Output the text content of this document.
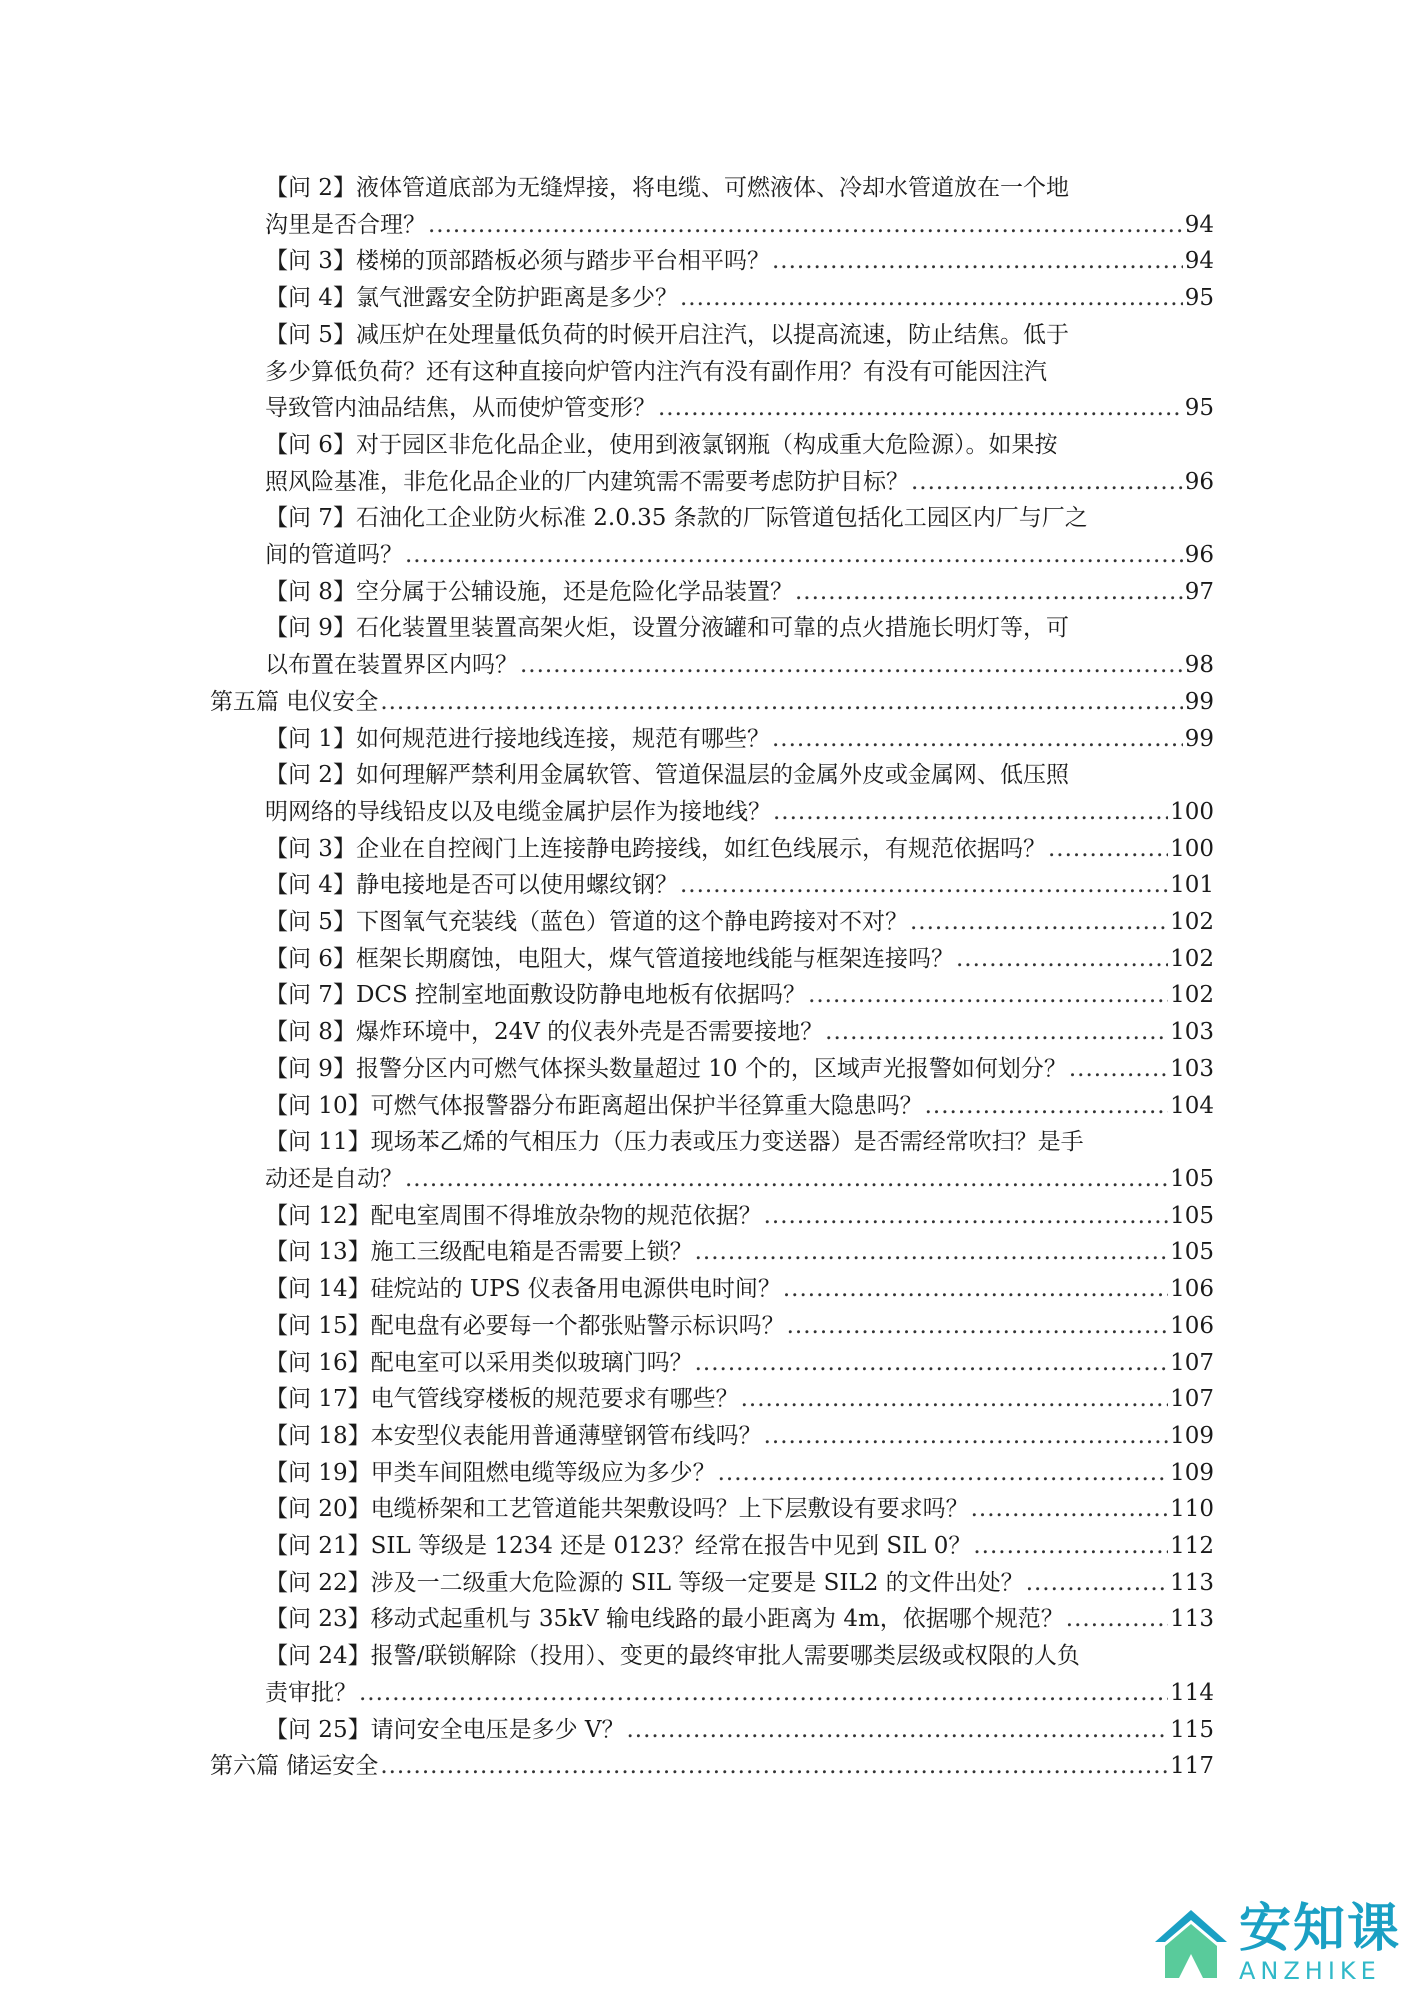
【问 2】液体管道底部为无缝焊接，将电缆、可燃液体、冷却水管道放在一个地
沟里是否合理？ .....	94
【问 3】楼梯的顶部踏板必须与踏步平台相平吗？ .....	94
【问 4】氯气泄露安全防护距离是多少？ .....	95
【问 5】减压炉在处理量低负荷的时候开启注汽，以提高流速，防止结焦。低于
多少算低负荷？还有这种直接向炉管内注汽有没有副作用？有没有可能因注汽
导致管内油品结焦，从而使炉管变形？ .....	95
【问 6】对于园区非危化品企业，使用到液氯钢瓶（构成重大危险源）。如果按
照风险基准，非危化品企业的厂内建筑需不需要考虑防护目标？ .....	96
【问 7】石油化工企业防火标准 2.0.35 条款的厂际管道包括化工园区内厂与厂之
间的管道吗？ .....	96
【问 8】空分属于公辅设施，还是危险化学品装置？ .....	97
【问 9】石化装置里装置高架火炬，设置分液罐和可靠的点火措施长明灯等，可
以布置在装置界区内吗？ .....	98
第五篇 电仪安全 .....	99
【问 1】如何规范进行接地线连接，规范有哪些？ .....	99
【问 2】如何理解严禁利用金属软管、管道保温层的金属外皮或金属网、低压照
明网络的导线铅皮以及电缆金属护层作为接地线？ .....	100
【问 3】企业在自控阀门上连接静电跨接线，如红色线展示，有规范依据吗？ .....	100
【问 4】静电接地是否可以使用螺纹钢？ .....	101
【问 5】下图氧气充装线（蓝色）管道的这个静电跨接对不对？ .....	102
【问 6】框架长期腐蚀，电阻大，煤气管道接地线能与框架连接吗？ .....	102
【问 7】DCS 控制室地面敷设防静电地板有依据吗？ .....	102
【问 8】爆炸环境中，24V 的仪表外壳是否需要接地？ .....	103
【问 9】报警分区内可燃气体探头数量超过 10 个的，区域声光报警如何划分？ .....	103
【问 10】可燃气体报警器分布距离超出保护半径算重大隐患吗？ .....	104
【问 11】现场苯乙烯的气相压力（压力表或压力变送器）是否需经常吹扫？是手
动还是自动？ .....	105
【问 12】配电室周围不得堆放杂物的规范依据？ .....	105
【问 13】施工三级配电箱是否需要上锁？ .....	105
【问 14】硅烷站的 UPS 仪表备用电源供电时间？ .....	106
【问 15】配电盘有必要每一个都张贴警示标识吗？ .....	106
【问 16】配电室可以采用类似玻璃门吗？ .....	107
【问 17】电气管线穿楼板的规范要求有哪些？ .....	107
【问 18】本安型仪表能用普通薄壁钢管布线吗？ .....	109
【问 19】甲类车间阻燃电缆等级应为多少？ .....	109
【问 20】电缆桥架和工艺管道能共架敷设吗？上下层敷设有要求吗？ .....	110
【问 21】SIL 等级是 1234 还是 0123？经常在报告中见到 SIL 0？ .....	112
【问 22】涉及一二级重大危险源的 SIL 等级一定要是 SIL2 的文件出处？ .....	113
【问 23】移动式起重机与 35kV 输电线路的最小距离为 4m，依据哪个规范？ .....	113
【问 24】报警/联锁解除（投用）、变更的最终审批人需要哪类层级或权限的人负
责审批？ .....	114
【问 25】请问安全电压是多少 V？ .....	115
第六篇 储运安全 .....	117
安知课
ANZHIKE
